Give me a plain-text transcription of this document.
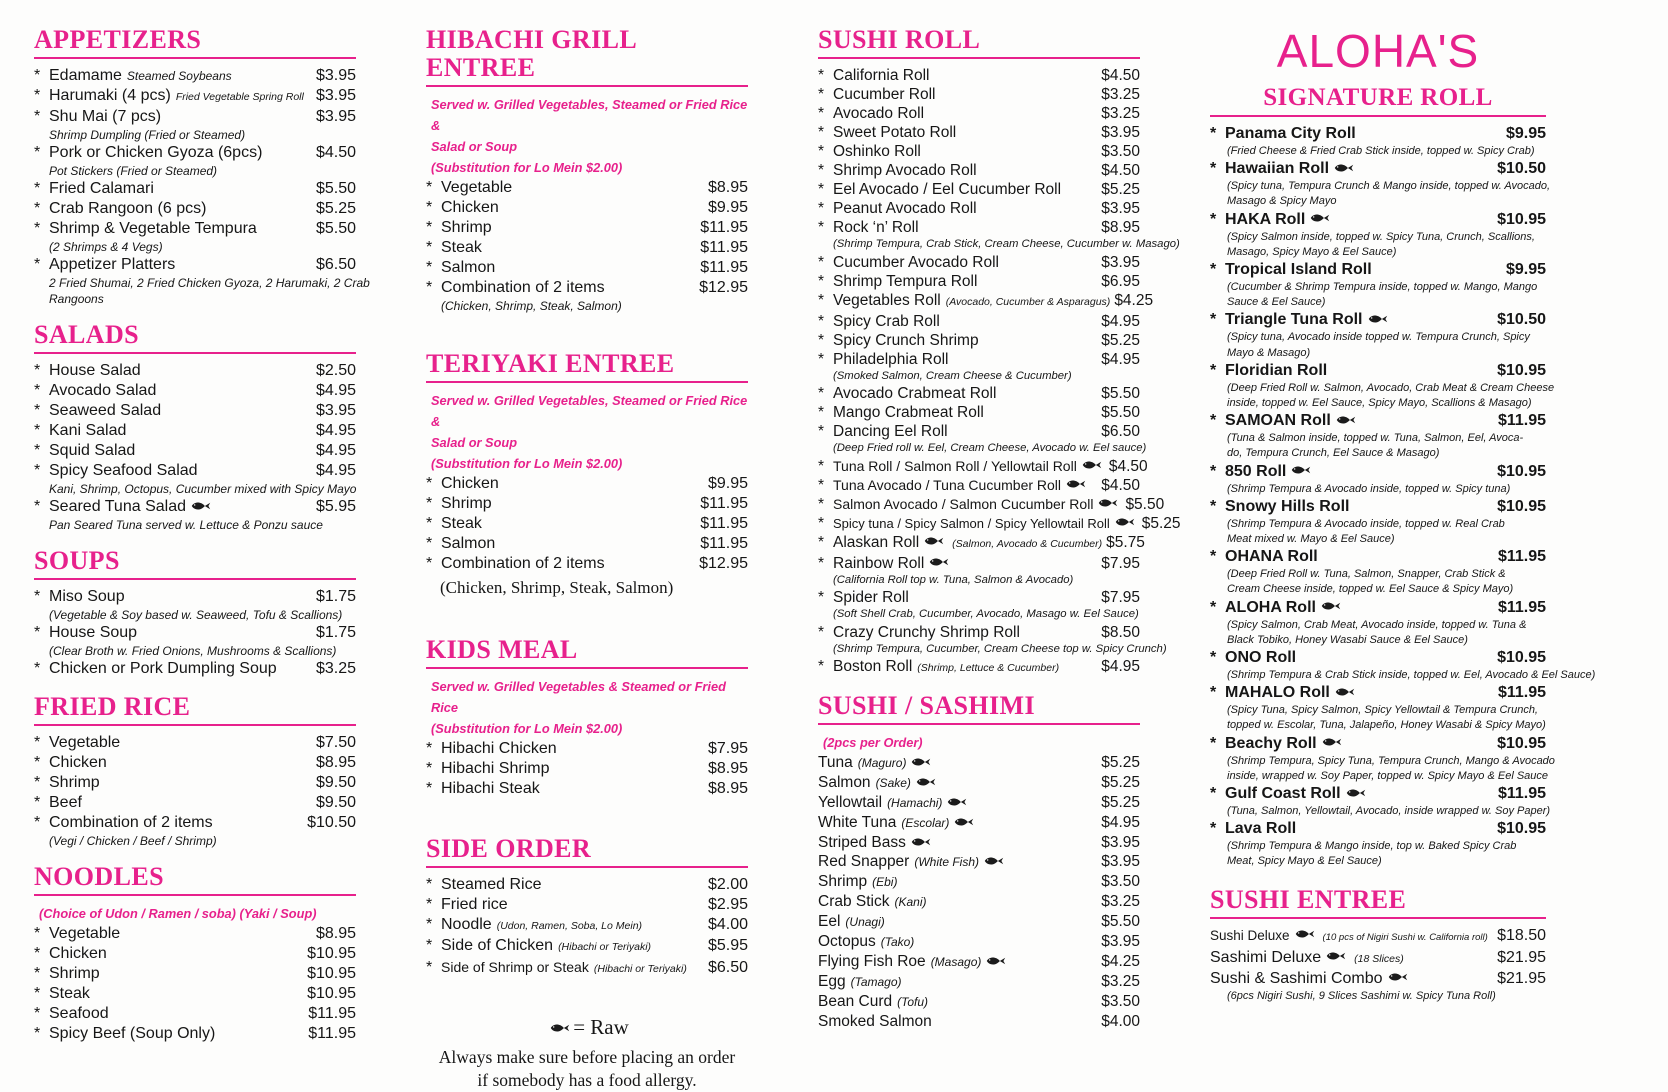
APPETIZERS
* Edamame Steamed Soybeans	$3.95
* Harumaki (4 pcs) Fried Vegetable Spring Roll $3.95
* Shu Mai (7 pcs)	$3.95
Shrimp Dumpling (Fried or Steamed)
* Pork or Chicken Gyoza (6pcs)	$4.50
Pot Stickers (Fried or Steamed)
* Fried Calamari	$5.50
* Crab Rangoon (6 pcs)	$5.25
* Shrimp & Vegetable Tempura	$5.50
(2 Shrimps & 4 Vegs)
* Appetizer Platters	$6.50
2 Fried Shumai, 2 Fried Chicken Gyoza, 2 Harumaki, 2 Crab
Rangoons
SALADS
* House Salad	$2.50
* Avocado Salad	$4.95
* Seaweed Salad	$3.95
* Kani Salad	$4.95
* Squid Salad	$4.95
* Spicy Seafood Salad	$4.95
Kani, Shrimp, Octopus, Cucumber mixed with Spicy Mayo
* Seared Tuna Salad	$5.95
Pan Seared Tuna served w. Lettuce & Ponzu sauce
SOUPS
* Miso Soup	$1.75
(Vegetable & Soy based w. Seaweed, Tofu & Scallions)
* House Soup	$1.75
(Clear Broth w. Fried Onions, Mushrooms & Scallions)
* Chicken or Pork Dumpling Soup	$3.25
FRIED RICE
* Vegetable	$7.50
* Chicken	$8.95
* Shrimp	$9.50
* Beef	$9.50
* Combination of 2 items	$10.50
(Vegi / Chicken / Beef / Shrimp)
NOODLES
(Choice of Udon / Ramen / soba) (Yaki / Soup)
* Vegetable	$8.95
* Chicken	$10.95
* Shrimp	$10.95
* Steak	$10.95
* Seafood	$11.95
* Spicy Beef (Soup Only)	$11.95
HIBACHI GRILL ENTREE
Served w. Grilled Vegetables, Steamed or Fried Rice &
Salad or Soup
(Substitution for Lo Mein $2.00)
* Vegetable	$8.95
* Chicken	$9.95
* Shrimp	$11.95
* Steak	$11.95
* Salmon	$11.95
* Combination of 2 items	$12.95
(Chicken, Shrimp, Steak, Salmon)
TERIYAKI ENTREE
Served w. Grilled Vegetables, Steamed or Fried Rice &
Salad or Soup
(Substitution for Lo Mein $2.00)
* Chicken	$9.95
* Shrimp	$11.95
* Steak	$11.95
* Salmon	$11.95
* Combination of 2 items	$12.95
(Chicken, Shrimp, Steak, Salmon)
KIDS MEAL
Served w. Grilled Vegetables & Steamed or Fried Rice
(Substitution for Lo Mein $2.00)
* Hibachi Chicken	$7.95
* Hibachi Shrimp	$8.95
* Hibachi Steak	$8.95
SIDE ORDER
* Steamed Rice	$2.00
* Fried rice	$2.95
* Noodle (Udon, Ramen, Soba, Lo Mein)	$4.00
* Side of Chicken (Hibachi or Teriyaki)	$5.95
* Side of Shrimp or Steak (Hibachi or Teriyaki)	$6.50
= Raw
Always make sure before placing an order
if somebody has a food allergy.
SUSHI ROLL
* California Roll	$4.50
* Cucumber Roll	$3.25
* Avocado Roll	$3.25
* Sweet Potato Roll	$3.95
* Oshinko Roll	$3.50
* Shrimp Avocado Roll	$4.50
* Eel Avocado / Eel Cucumber Roll	$5.25
* Peanut Avocado Roll	$3.95
* Rock ‘n’ Roll	$8.95
(Shrimp Tempura, Crab Stick, Cream Cheese, Cucumber w. Masago)
* Cucumber Avocado Roll	$3.95
* Shrimp Tempura Roll	$6.95
* Vegetables Roll (Avocado, Cucumber & Asparagus) $4.25
* Spicy Crab Roll	$4.95
* Spicy Crunch Shrimp	$5.25
* Philadelphia Roll	$4.95
(Smoked Salmon, Cream Cheese & Cucumber)
* Avocado Crabmeat Roll	$5.50
* Mango Crabmeat Roll	$5.50
* Dancing Eel Roll	$6.50
(Deep Fried roll w. Eel, Cream Cheese, Avocado w. Eel sauce)
* Tuna Roll / Salmon Roll / Yellowtail Roll	$4.50
* Tuna Avocado / Tuna Cucumber Roll	$4.50
* Salmon Avocado / Salmon Cucumber Roll	$5.50
* Spicy tuna / Spicy Salmon / Spicy Yellowtail Roll	$5.25
* Alaskan Roll	(Salmon, Avocado & Cucumber) $5.75
* Rainbow Roll	$7.95
(California Roll top w. Tuna, Salmon & Avocado)
* Spider Roll	$7.95
(Soft Shell Crab, Cucumber, Avocado, Masago w. Eel Sauce)
* Crazy Crunchy Shrimp Roll	$8.50
(Shrimp Tempura, Cucumber, Cream Cheese top w. Spicy Crunch)
* Boston Roll (Shrimp, Lettuce & Cucumber)	$4.95
SUSHI / SASHIMI
(2pcs per Order)
Tuna (Maguro)	$5.25
Salmon (Sake)	$5.25
Yellowtail (Hamachi)	$5.25
White Tuna (Escolar)	$4.95
Striped Bass	$3.95
Red Snapper (White Fish)	$3.95
Shrimp (Ebi)	$3.50
Crab Stick (Kani)	$3.25
Eel (Unagi)	$5.50
Octopus (Tako)	$3.95
Flying Fish Roe (Masago)	$4.25
Egg (Tamago)	$3.25
Bean Curd (Tofu)	$3.50
Smoked Salmon	$4.00
ALOHA'S
SIGNATURE ROLL
* Panama City Roll	$9.95
(Fried Cheese & Fried Crab Stick inside, topped w. Spicy Crab)
* Hawaiian Roll	$10.50
(Spicy tuna, Tempura Crunch & Mango inside, topped w. Avocado,
Masago & Spicy Mayo
* HAKA Roll	$10.95
(Spicy Salmon inside, topped w. Spicy Tuna, Crunch, Scallions,
Masago, Spicy Mayo & Eel Sauce)
* Tropical Island Roll	$9.95
(Cucumber & Shrimp Tempura inside, topped w. Mango, Mango
Sauce & Eel Sauce)
* Triangle Tuna Roll	$10.50
(Spicy tuna, Avocado inside topped w. Tempura Crunch, Spicy
Mayo & Masago)
* Floridian Roll	$10.95
(Deep Fried Roll w. Salmon, Avocado, Crab Meat & Cream Cheese
inside, topped w. Eel Sauce, Spicy Mayo, Scallions & Masago)
* SAMOAN Roll	$11.95
(Tuna & Salmon inside, topped w. Tuna, Salmon, Eel, Avoca-
do, Tempura Crunch, Eel Sauce & Masago)
* 850 Roll	$10.95
(Shrimp Tempura & Avocado inside, topped w. Spicy tuna)
* Snowy Hills Roll	$10.95
(Shrimp Tempura & Avocado inside, topped w. Real Crab
Meat mixed w. Mayo & Eel Sauce)
* OHANA Roll	$11.95
(Deep Fried Roll w. Tuna, Salmon, Snapper, Crab Stick &
Cream Cheese inside, topped w. Eel Sauce & Spicy Mayo)
* ALOHA Roll	$11.95
(Spicy Salmon, Crab Meat, Avocado inside, topped w. Tuna &
Black Tobiko, Honey Wasabi Sauce & Eel Sauce)
* ONO Roll	$10.95
(Shrimp Tempura & Crab Stick inside, topped w. Eel, Avocado & Eel Sauce)
* MAHALO Roll	$11.95
(Spicy Tuna, Spicy Salmon, Spicy Yellowtail & Tempura Crunch,
topped w. Escolar, Tuna, Jalapeño, Honey Wasabi & Spicy Mayo)
* Beachy Roll	$10.95
(Shrimp Tempura, Spicy Tuna, Tempura Crunch, Mango & Avocado
inside, wrapped w. Soy Paper, topped w. Spicy Mayo & Eel Sauce
* Gulf Coast Roll	$11.95
(Tuna, Salmon, Yellowtail, Avocado, inside wrapped w. Soy Paper)
* Lava Roll	$10.95
(Shrimp Tempura & Mango inside, top w. Baked Spicy Crab
Meat, Spicy Mayo & Eel Sauce)
SUSHI ENTREE
Sushi Deluxe	(10 pcs of Nigiri Sushi w. California roll) $18.50
Sashimi Deluxe	(18 Slices)	$21.95
Sushi & Sashimi Combo	$21.95
(6pcs Nigiri Sushi, 9 Slices Sashimi w. Spicy Tuna Roll)
